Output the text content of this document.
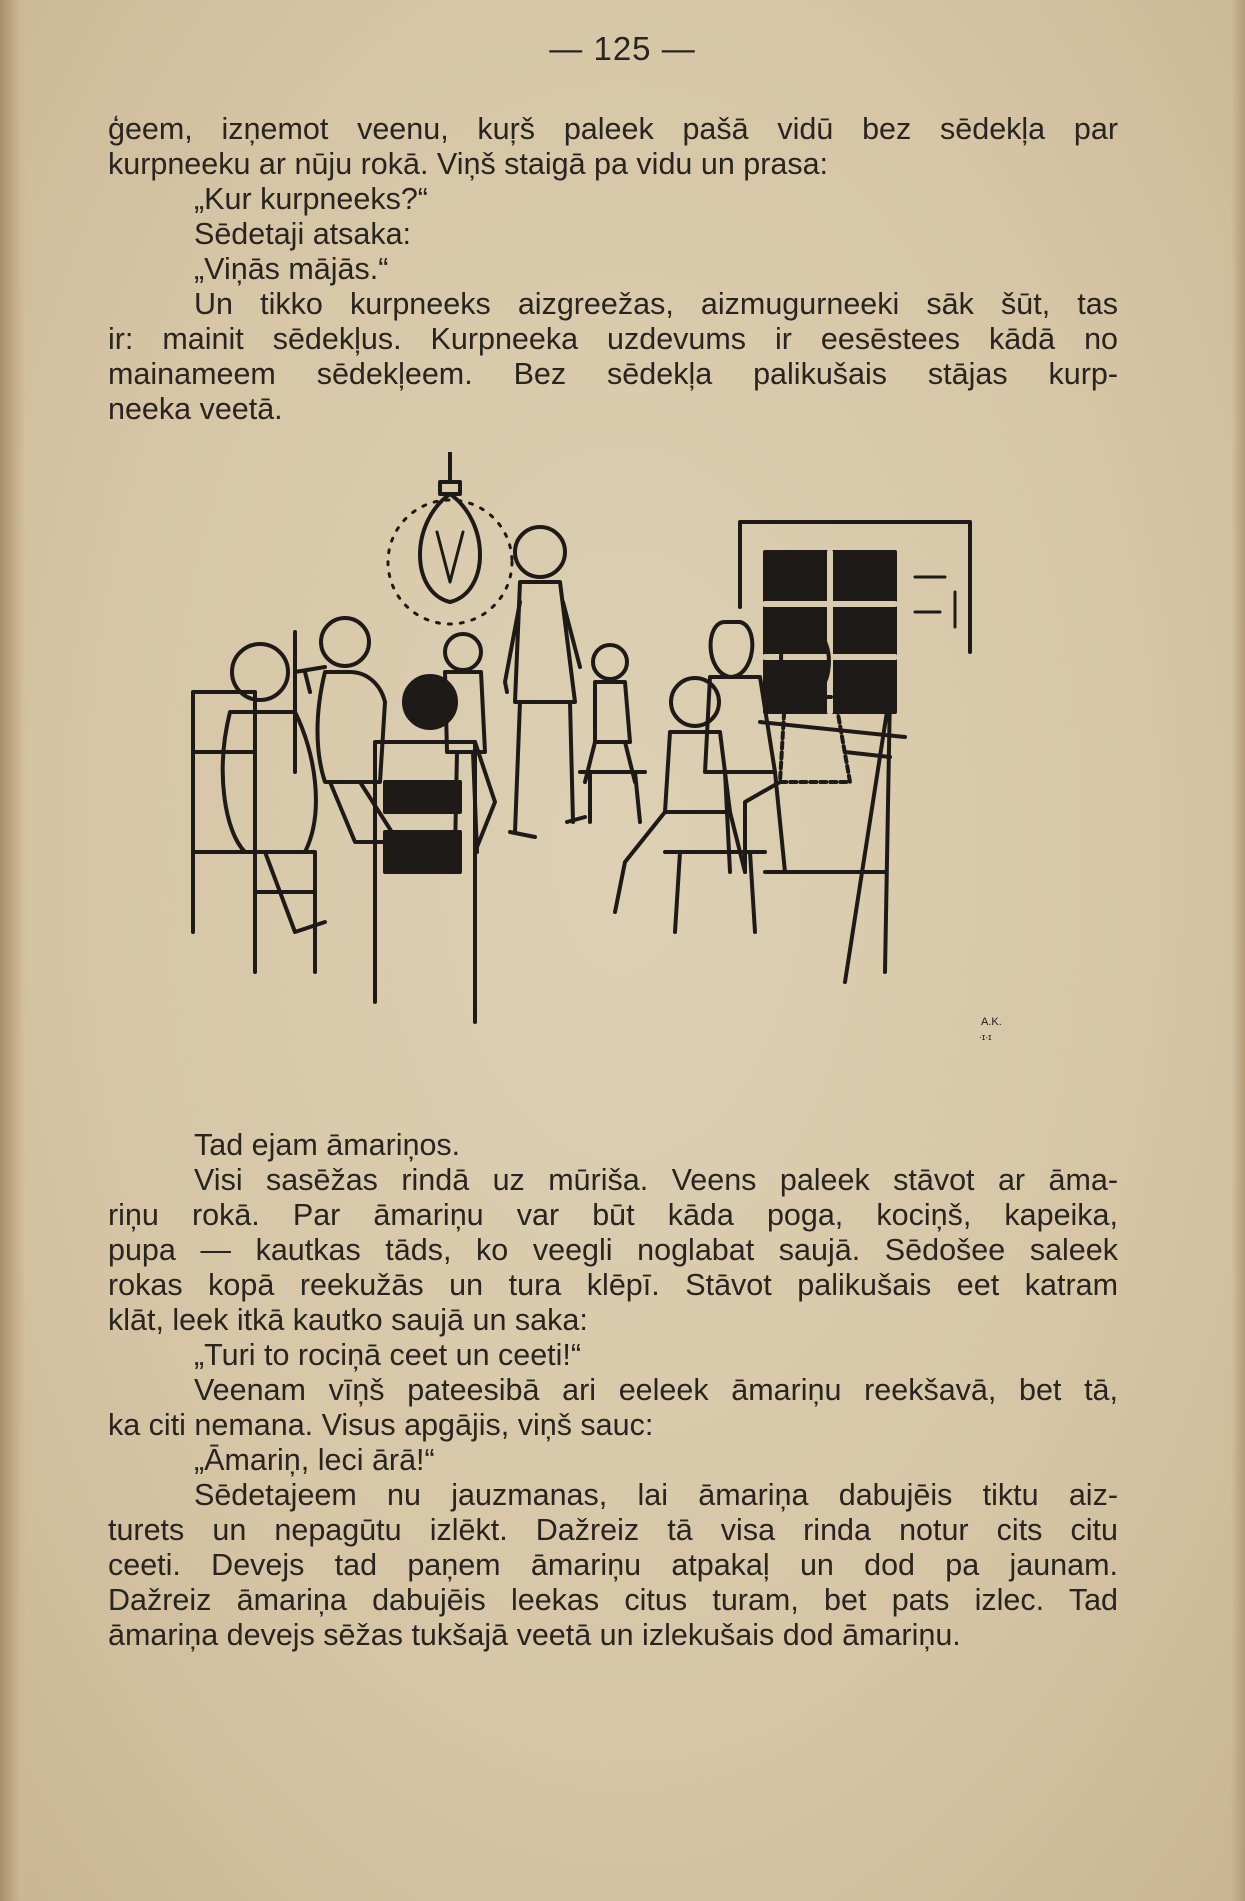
— 125 —

ģeem, izņemot veenu, kuŗš paleek pašā vidū bez sēdekļa par

kurpneeku ar nūju rokā. Viņš staigā pa vidu un prasa:

„Kur kurpneeks?“

Sēdetaji atsaka:

„Viņās mājās.“

Un tikko kurpneeks aizgreežas, aizmugurneeki sāk šūt, tas

ir: mainit sēdekļus. Kurpneeka uzdevums ir eesēstees kādā no

mainameem sēdekļeem. Bez sēdekļa palikušais stājas kurp-

neeka veetā.

A.K.
·ɪ·ɪ

Tad ejam āmariņos.

Visi sasēžas rindā uz mūriša. Veens paleek stāvot ar āma-

riņu rokā. Par āmariņu var būt kāda poga, kociņš, kapeika,

pupa — kautkas tāds, ko veegli noglabat saujā. Sēdošee saleek

rokas kopā reekužās un tura klēpī. Stāvot palikušais eet katram

klāt, leek itkā kautko saujā un saka:

„Turi to rociņā ceet un ceeti!“

Veenam vīņš pateesibā ari eeleek āmariņu reekšavā, bet tā,

ka citi nemana. Visus apgājis, viņš sauc:

„Āmariņ, leci ārā!“

Sēdetajeem nu jauzmanas, lai āmariņa dabujēis tiktu aiz-

turets un nepagūtu izlēkt. Dažreiz tā visa rinda notur cits citu

ceeti. Devejs tad paņem āmariņu atpakaļ un dod pa jaunam.

Dažreiz āmariņa dabujēis leekas citus turam, bet pats izlec. Tad

āmariņa devejs sēžas tukšajā veetā un izlekušais dod āmariņu.
